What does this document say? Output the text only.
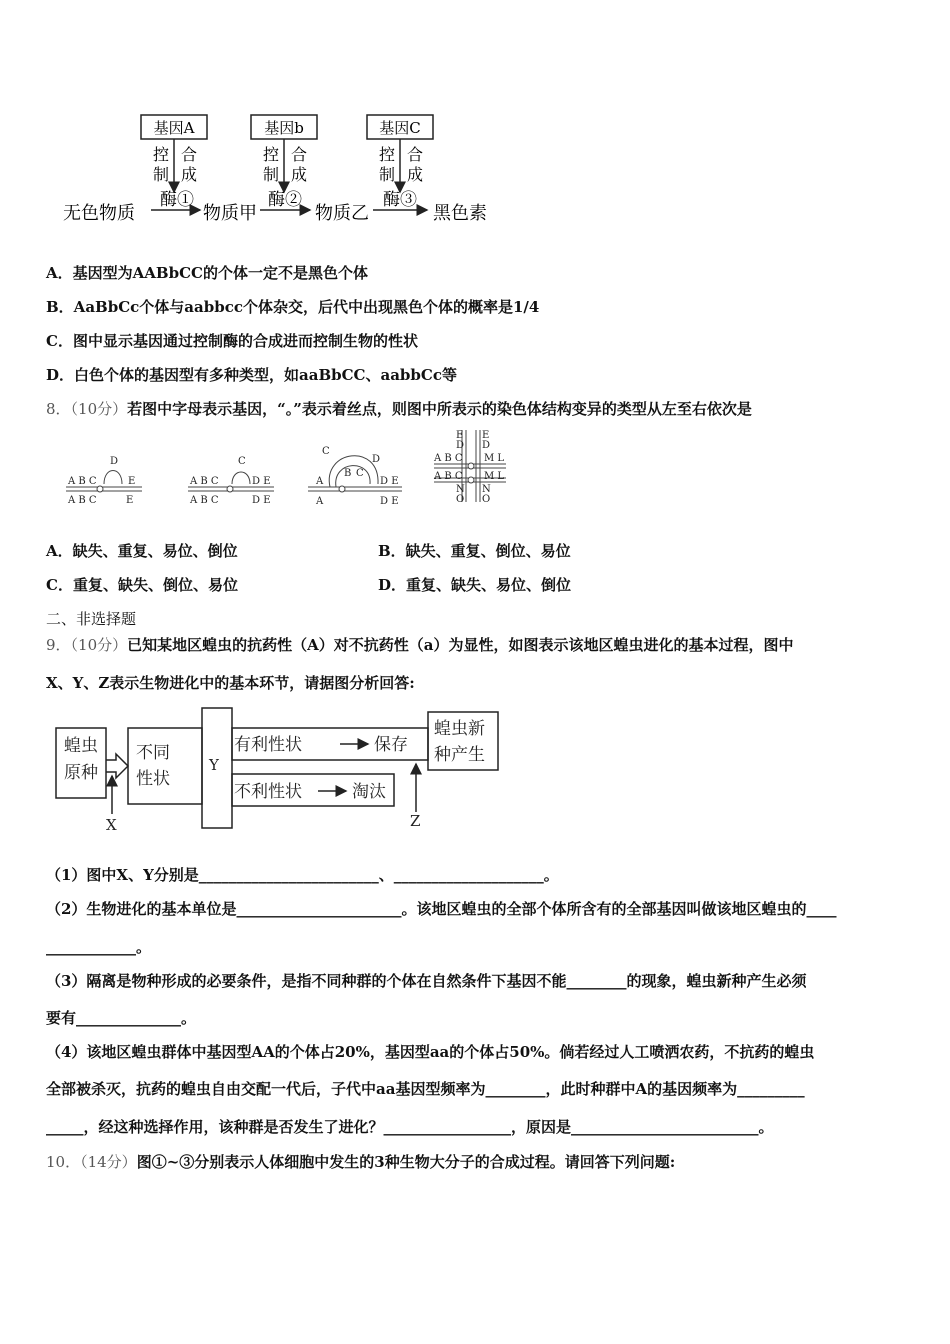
基因A	基因b	基因C
控
制
合
成
控
制
合
成
控
制
合
成
酶①	酶②	酶③
无色物质	物质甲	物质乙	黑色素
A．基因型为AABbCC的个体一定不是黑色个体
B．AaBbCc个体与aabbcc个体杂交，后代中出现黑色个体的概率是1/4
C．图中显示基因通过控制酶的合成进而控制生物的性状
D．白色个体的基因型有多种类型，如aaBbCC、aabbCc等
8．（10分）若图中字母表示基因，“。”表示着丝点，则图中所表示的染色体结构变异的类型从左至右依次是
A B C
D
E
A B C	E
A B C
C
D E
A B C	D E
A
C
B C
D
D E
A	D E
E
D
E
D
A B C M L
A B C M L
N
O
N
O
A．缺失、重复、易位、倒位	B．缺失、重复、倒位、易位
C．重复、缺失、倒位、易位	D．重复、缺失、易位、倒位
二、非选择题
9．（10分）已知某地区蝗虫的抗药性（A）对不抗药性（a）为显性，如图表示该地区蝗虫进化的基本过程，图中
X、Y、Z表示生物进化中的基本环节，请据图分析回答:
蝗虫
原种
不同
性状
Y
有利性状	保存
不利性状	淘汰
蝗虫新
种产生
X	Z
（1）图中X、Y分别是________________________、____________________。
（2）生物进化的基本单位是______________________。该地区蝗虫的全部个体所含有的全部基因叫做该地区蝗虫的____
____________。
（3）隔离是物种形成的必要条件，是指不同种群的个体在自然条件下基因不能________的现象，蝗虫新种产生必须
要有______________。
（4）该地区蝗虫群体中基因型AA的个体占20%，基因型aa的个体占50%。倘若经过人工喷洒农药，不抗药的蝗虫
全部被杀灭，抗药的蝗虫自由交配一代后，子代中aa基因型频率为________，此时种群中A的基因频率为_________
_____，经这种选择作用，该种群是否发生了进化？_________________，原因是_________________________。
10．（14分）图①~③分别表示人体细胞中发生的3种生物大分子的合成过程。请回答下列问题:
